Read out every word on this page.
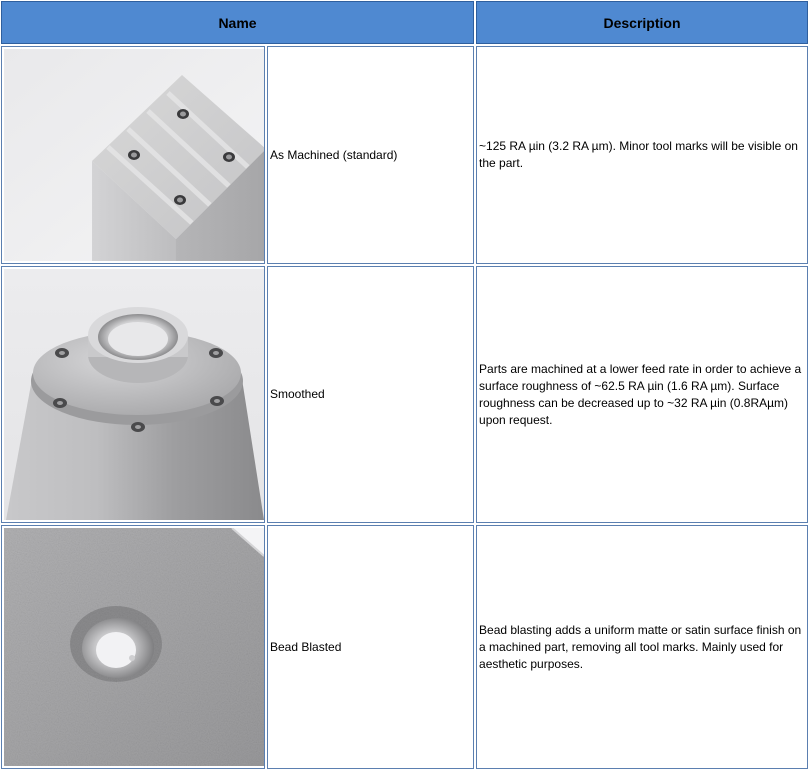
Name		Description

	As Machined (standard)	~125 RA µin (3.2 RA µm). Minor tool marks will be visible on the part.

	Smoothed	Parts are machined at a lower feed rate in order to achieve a surface roughness of ~62.5 RA µin (1.6 RA µm). Surface roughness can be decreased up to ~32 RA µin (0.8RAµm) upon request.

	Bead Blasted	Bead blasting adds a uniform matte or satin surface finish on a machined part, removing all tool marks. Mainly used for aesthetic purposes.
